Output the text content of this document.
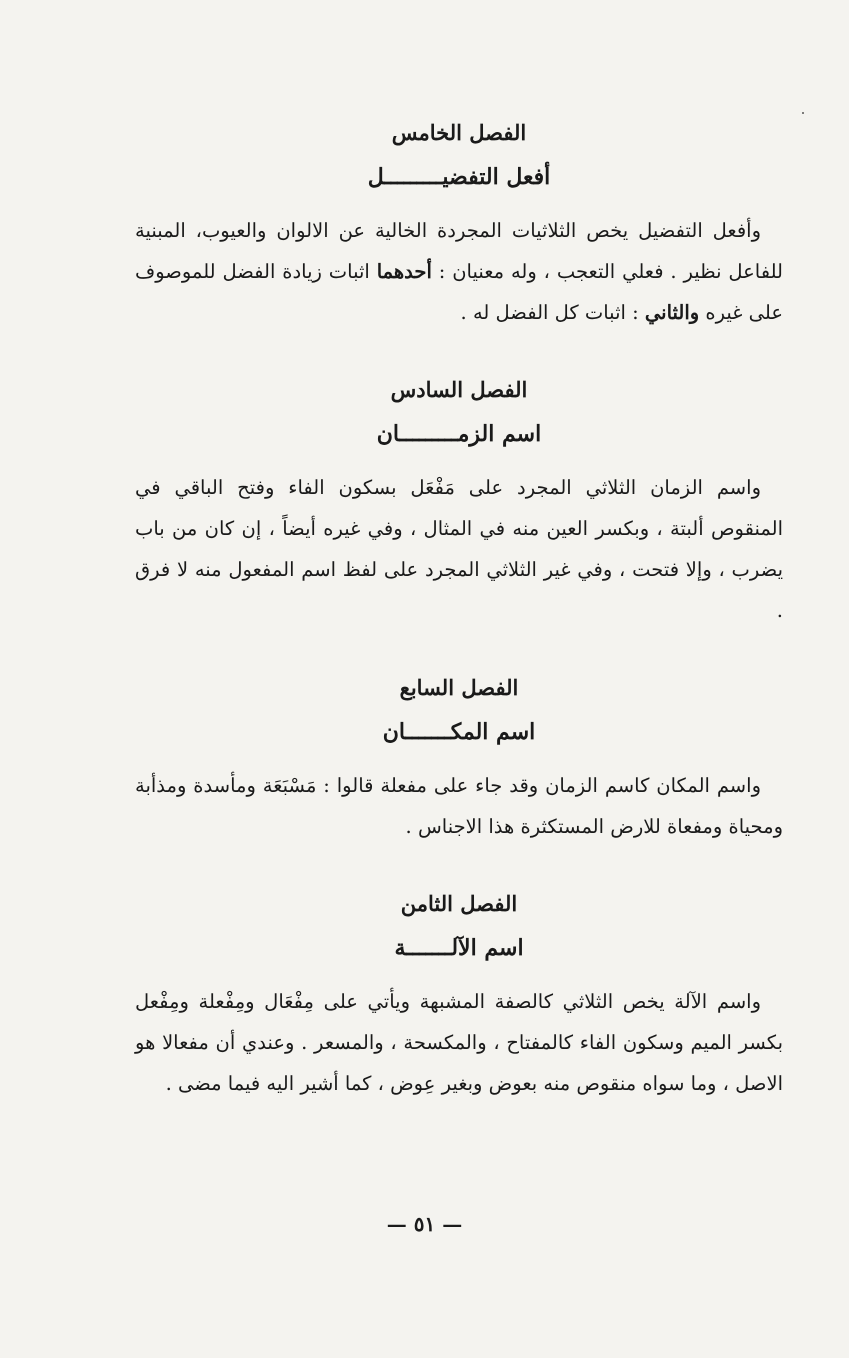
الفصل الخامس

أفعل التفضيـــــــــل

وأفعل التفضيل يخص الثلاثيات المجردة الخالية عن الالوان والعيوب، المبنية للفاعل نظير . فعلي التعجب ، وله معنيان : أحدهما اثبات زيادة الفضل للموصوف على غيره والثاني : اثبات كل الفضل له .

الفصل السادس

اسم الزمـــــــــان

واسم الزمان الثلاثي المجرد على مَفْعَل بسكون الفاء وفتح الباقي في المنقوص ألبتة ، وبكسر العين منه في المثال ، وفي غيره أيضاً ، إن كان من باب يضرب ، وإلا فتحت ، وفي غير الثلاثي المجرد على لفظ اسم المفعول منه لا فرق .

الفصل السابع

اسم المكـــــــان

واسم المكان كاسم الزمان وقد جاء على مفعلة قالوا : مَسْبَعَة ومأسدة ومذأبة ومحياة ومفعاة للارض المستكثرة هذا الاجناس .

الفصل الثامن

اسم الآلـــــــة

واسم الآلة يخص الثلاثي كالصفة المشبهة ويأتي على مِفْعَال ومِفْعلة ومِفْعل بكسر الميم وسكون الفاء كالمفتاح ، والمكسحة ، والمسعر . وعندي أن مفعالا هو الاصل ، وما سواه منقوص منه بعوض وبغير عِوض ، كما أشير اليه فيما مضى .

— ٥١ —
